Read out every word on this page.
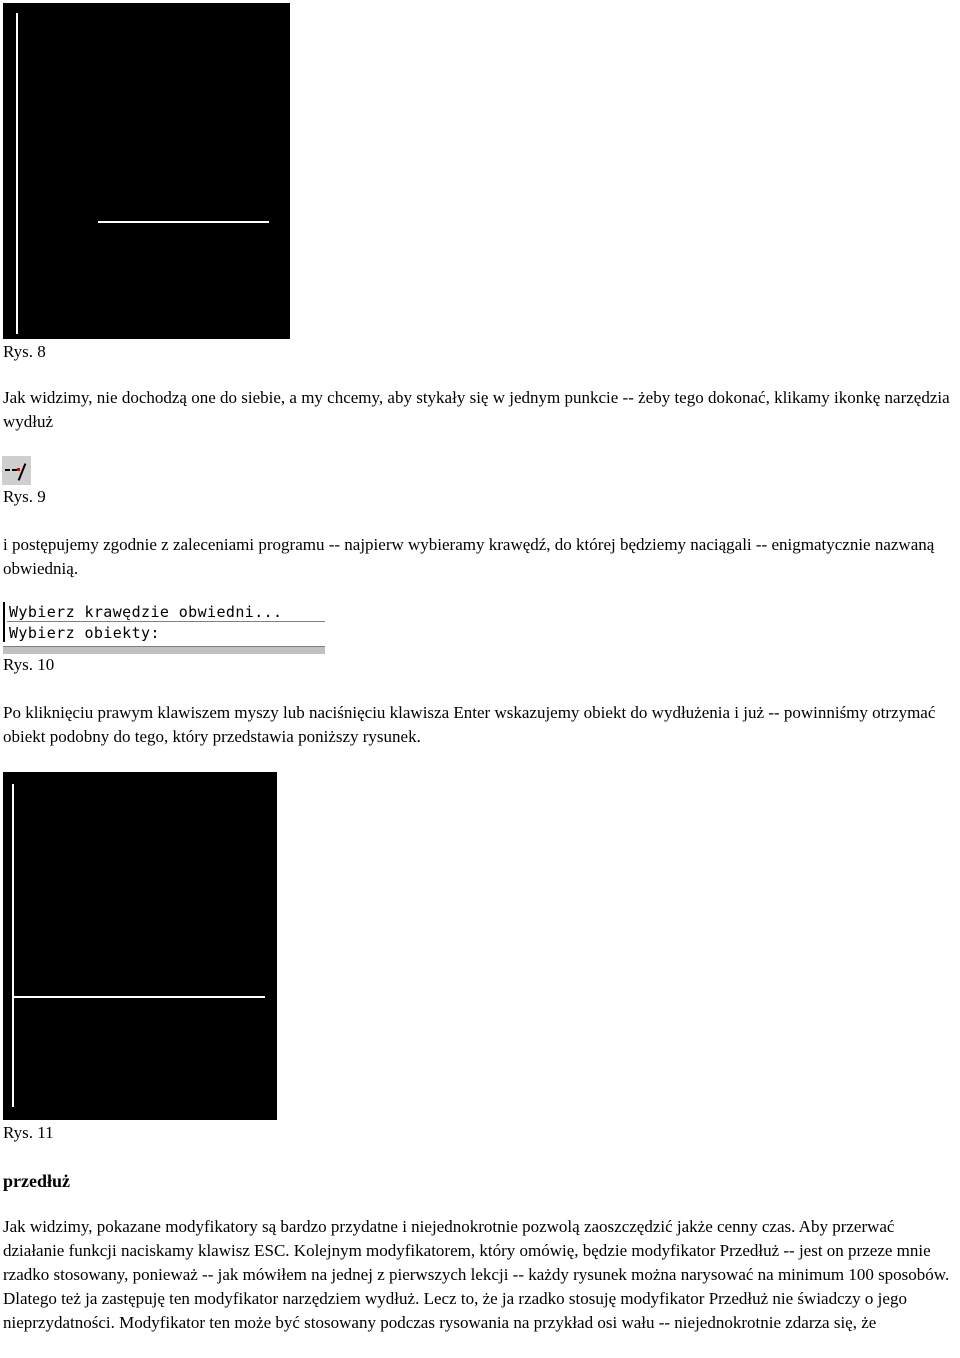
Rys. 8

Jak widzimy, nie dochodzą one do siebie, a my chcemy, aby stykały się w jednym punkcie -- żeby tego dokonać, klikamy ikonkę narzędzia wydłuż

Rys. 9

i postępujemy zgodnie z zaleceniami programu -- najpierw wybieramy krawędź, do której będziemy naciągali -- enigmatycznie nazwaną obwiednią.

Wybierz krawędzie obwiedni...
Wybierz obiekty:
Rys. 10

Po kliknięciu prawym klawiszem myszy lub naciśnięciu klawisza Enter wskazujemy obiekt do wydłużenia i już -- powinniśmy otrzymać obiekt podobny do tego, który przedstawia poniższy rysunek.

Rys. 11
przedłuż

Jak widzimy, pokazane modyfikatory są bardzo przydatne i niejednokrotnie pozwolą zaoszczędzić jakże cenny czas. Aby przerwać działanie funkcji naciskamy klawisz ESC. Kolejnym modyfikatorem, który omówię, będzie modyfikator Przedłuż -- jest on przeze mnie rzadko stosowany, ponieważ -- jak mówiłem na jednej z pierwszych lekcji -- każdy rysunek można narysować na minimum 100 sposobów. Dlatego też ja zastępuję ten modyfikator narzędziem wydłuż. Lecz to, że ja rzadko stosuję modyfikator Przedłuż nie świadczy o jego nieprzydatności. Modyfikator ten może być stosowany podczas rysowania na przykład osi wału -- niejednokrotnie zdarza się, że
